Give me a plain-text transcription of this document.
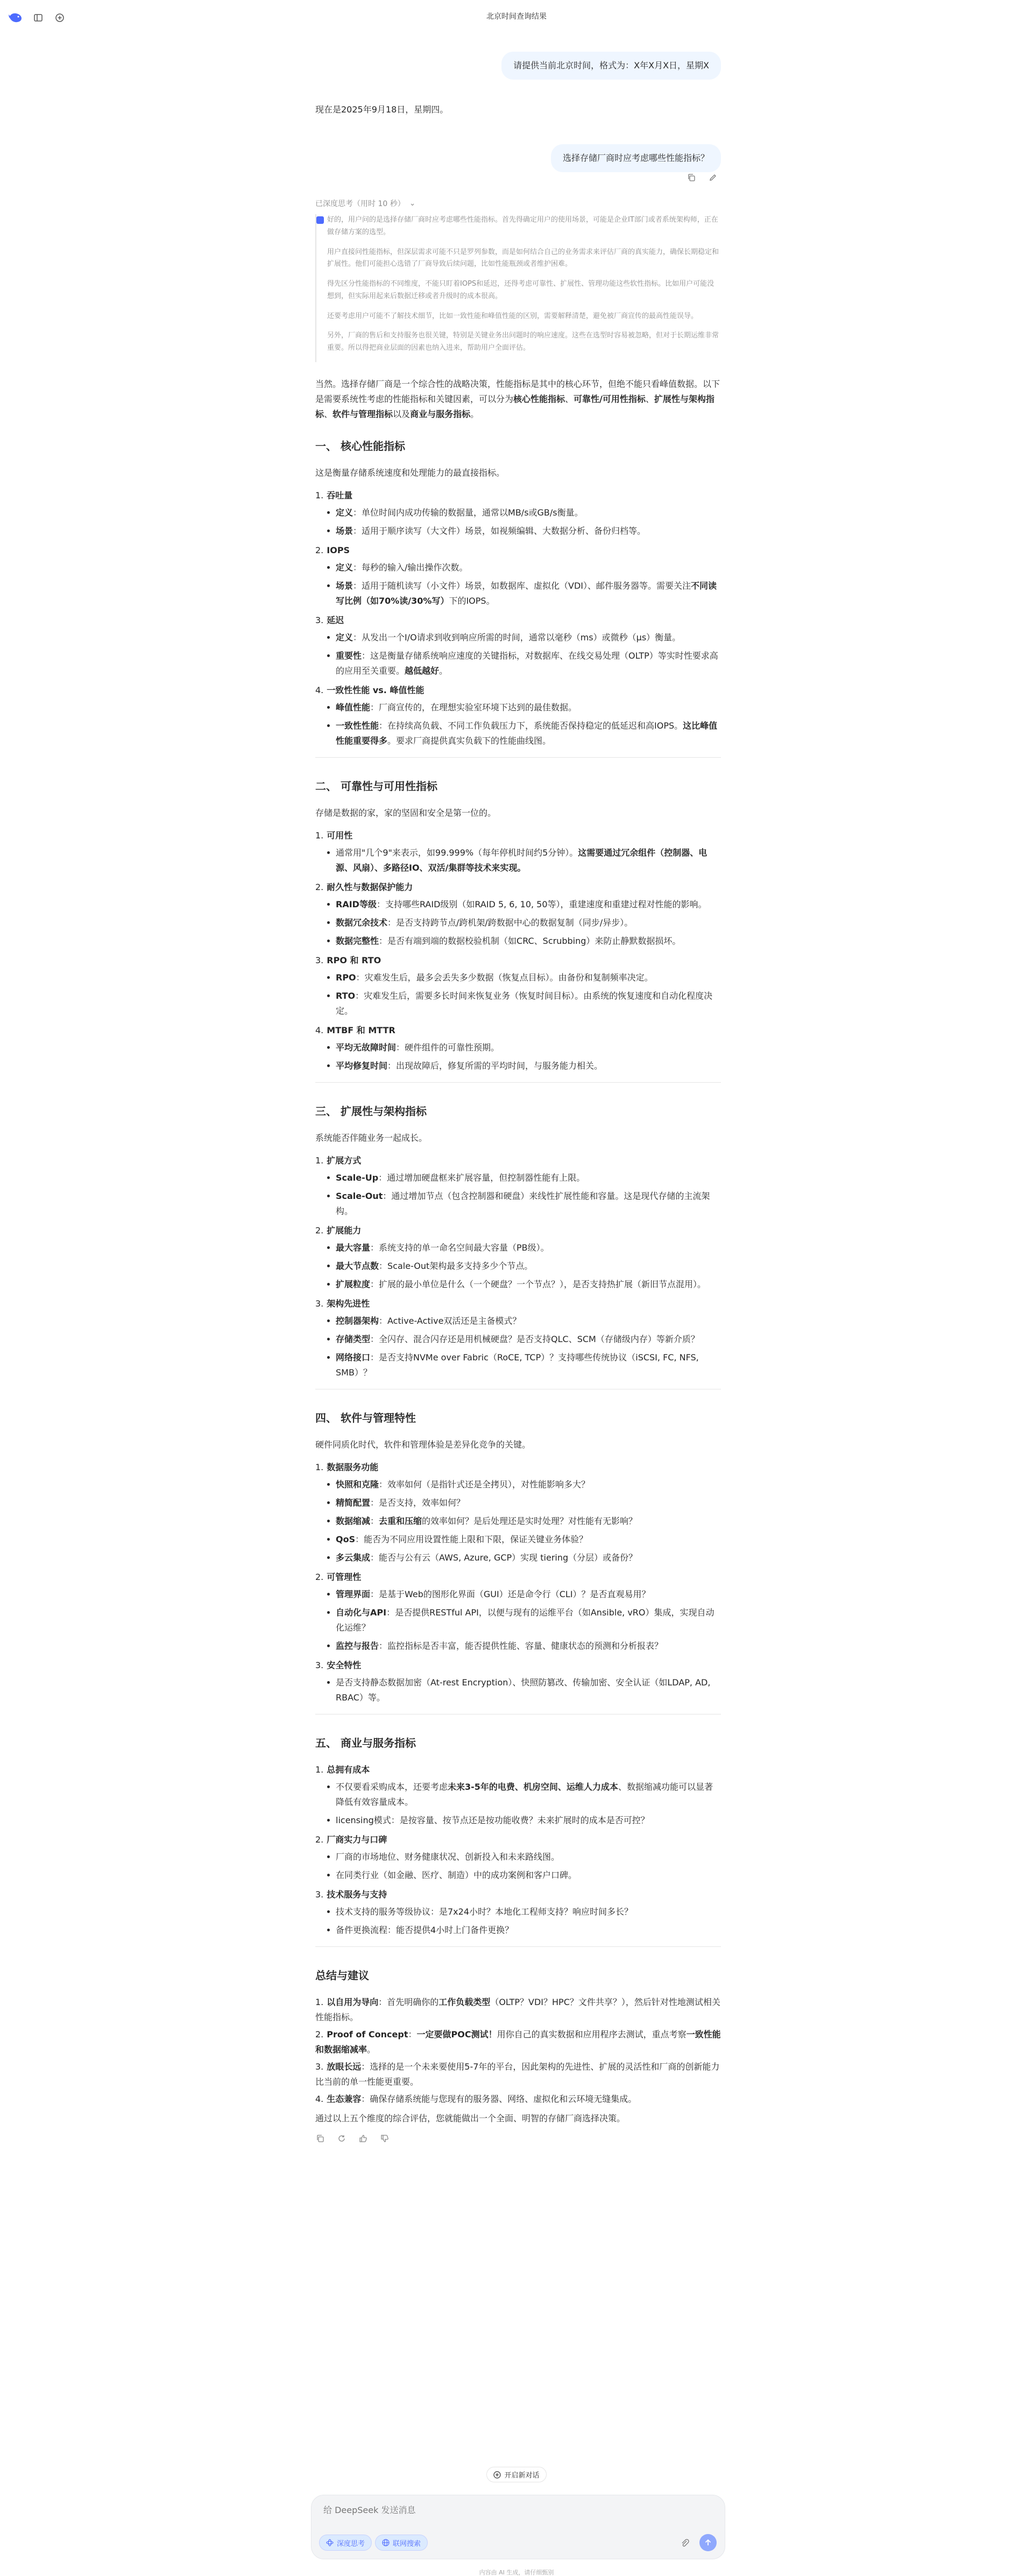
北京时间查询结果
请提供当前北京时间，格式为：X年X月X日，星期X
现在是2025年9月18日，星期四。
选择存储厂商时应考虑哪些性能指标？
已深度思考（用时 10 秒） ⌄

好的，用户问的是选择存储厂商时应考虑哪些性能指标。首先得确定用户的使用场景，可能是企业IT部门或者系统架构师，正在做存储方案的选型。

用户直接问性能指标，但深层需求可能不只是罗列参数，而是如何结合自己的业务需求来评估厂商的真实能力，确保长期稳定和扩展性。他们可能担心选错了厂商导致后续问题，比如性能瓶颈或者维护困难。

得先区分性能指标的不同维度，不能只盯着IOPS和延迟，还得考虑可靠性、扩展性、管理功能这些软性指标。比如用户可能没想到，但实际用起来后数据迁移或者升级时的成本很高。

还要考虑用户可能不了解技术细节，比如一致性能和峰值性能的区别，需要解释清楚，避免被厂商宣传的最高性能误导。

另外，厂商的售后和支持服务也很关键，特别是关键业务出问题时的响应速度。这些在选型时容易被忽略，但对于长期运维非常重要。所以得把商业层面的因素也纳入进来，帮助用户全面评估。

当然。选择存储厂商是一个综合性的战略决策，性能指标是其中的核心环节，但绝不能只看峰值数据。以下是需要系统性考虑的性能指标和关键因素，可以分为核心性能指标、可靠性/可用性指标、扩展性与架构指标、软件与管理指标以及商业与服务指标。

一、 核心性能指标

这是衡量存储系统速度和处理能力的最直接指标。

1. 吞吐量
定义：单位时间内成功传输的数据量，通常以MB/s或GB/s衡量。
场景：适用于顺序读写（大文件）场景，如视频编辑、大数据分析、备份归档等。
2. IOPS
定义：每秒的输入/输出操作次数。
场景：适用于随机读写（小文件）场景，如数据库、虚拟化（VDI）、邮件服务器等。需要关注不同读写比例（如70%读/30%写）下的IOPS。
3. 延迟
定义：从发出一个I/O请求到收到响应所需的时间，通常以毫秒（ms）或微秒（μs）衡量。
重要性：这是衡量存储系统响应速度的关键指标，对数据库、在线交易处理（OLTP）等实时性要求高的应用至关重要。越低越好。
4. 一致性性能 vs. 峰值性能
峰值性能：厂商宣传的，在理想实验室环境下达到的最佳数据。
一致性性能：在持续高负载、不同工作负载压力下，系统能否保持稳定的低延迟和高IOPS。这比峰值性能重要得多。要求厂商提供真实负载下的性能曲线图。
二、 可靠性与可用性指标

存储是数据的家，家的坚固和安全是第一位的。

1. 可用性
通常用"几个9"来表示，如99.999%（每年停机时间约5分钟）。这需要通过冗余组件（控制器、电源、风扇）、多路径IO、双活/集群等技术来实现。
2. 耐久性与数据保护能力
RAID等级：支持哪些RAID级别（如RAID 5, 6, 10, 50等），重建速度和重建过程对性能的影响。
数据冗余技术：是否支持跨节点/跨机架/跨数据中心的数据复制（同步/异步）。
数据完整性：是否有端到端的数据校验机制（如CRC、Scrubbing）来防止静默数据损坏。
3. RPO 和 RTO
RPO：灾难发生后，最多会丢失多少数据（恢复点目标）。由备份和复制频率决定。
RTO：灾难发生后，需要多长时间来恢复业务（恢复时间目标）。由系统的恢复速度和自动化程度决定。
4. MTBF 和 MTTR
平均无故障时间：硬件组件的可靠性预期。
平均修复时间：出现故障后，修复所需的平均时间，与服务能力相关。
三、 扩展性与架构指标

系统能否伴随业务一起成长。

1. 扩展方式
Scale-Up：通过增加硬盘框来扩展容量，但控制器性能有上限。
Scale-Out：通过增加节点（包含控制器和硬盘）来线性扩展性能和容量。这是现代存储的主流架构。
2. 扩展能力
最大容量：系统支持的单一命名空间最大容量（PB级）。
最大节点数：Scale-Out架构最多支持多少个节点。
扩展粒度：扩展的最小单位是什么（一个硬盘？一个节点？），是否支持热扩展（新旧节点混用）。
3. 架构先进性
控制器架构：Active-Active双活还是主备模式？
存储类型：全闪存、混合闪存还是用机械硬盘？是否支持QLC、SCM（存储级内存）等新介质？
网络接口：是否支持NVMe over Fabric（RoCE, TCP）？支持哪些传统协议（iSCSI, FC, NFS, SMB）？
四、 软件与管理特性

硬件同质化时代，软件和管理体验是差异化竞争的关键。

1. 数据服务功能
快照和克隆：效率如何（是指针式还是全拷贝），对性能影响多大？
精简配置：是否支持，效率如何？
数据缩减：去重和压缩的效率如何？是后处理还是实时处理？对性能有无影响？
QoS：能否为不同应用设置性能上限和下限，保证关键业务体验？
多云集成：能否与公有云（AWS, Azure, GCP）实现 tiering（分层）或备份？
2. 可管理性
管理界面：是基于Web的图形化界面（GUI）还是命令行（CLI）？是否直观易用？
自动化与API：是否提供RESTful API，以便与现有的运维平台（如Ansible, vRO）集成，实现自动化运维？
监控与报告：监控指标是否丰富，能否提供性能、容量、健康状态的预测和分析报表？
3. 安全特性
是否支持静态数据加密（At-rest Encryption）、快照防篡改、传输加密、安全认证（如LDAP, AD, RBAC）等。
五、 商业与服务指标
1. 总拥有成本
不仅要看采购成本，还要考虑未来3-5年的电费、机房空间、运维人力成本、数据缩减功能可以显著降低有效容量成本。
licensing模式：是按容量、按节点还是按功能收费？未来扩展时的成本是否可控？
2. 厂商实力与口碑
厂商的市场地位、财务健康状况、创新投入和未来路线图。
在同类行业（如金融、医疗、制造）中的成功案例和客户口碑。
3. 技术服务与支持
技术支持的服务等级协议：是7x24小时？本地化工程师支持？响应时间多长？
备件更换流程：能否提供4小时上门备件更换？
总结与建议
1. 以自用为导向：首先明确你的工作负载类型（OLTP？VDI？HPC？文件共享？），然后针对性地测试相关性能指标。
2. Proof of Concept：一定要做POC测试！用你自己的真实数据和应用程序去测试，重点考察一致性能和数据缩减率。
3. 放眼长远：选择的是一个未来要使用5-7年的平台，因此架构的先进性、扩展的灵活性和厂商的创新能力比当前的单一性能更重要。
4. 生态兼容：确保存储系统能与您现有的服务器、网络、虚拟化和云环境无缝集成。

通过以上五个维度的综合评估，您就能做出一个全面、明智的存储厂商选择决策。

开启新对话
给 DeepSeek 发送消息
深度思考	联网搜索
内容由 AI 生成，请仔细甄别
